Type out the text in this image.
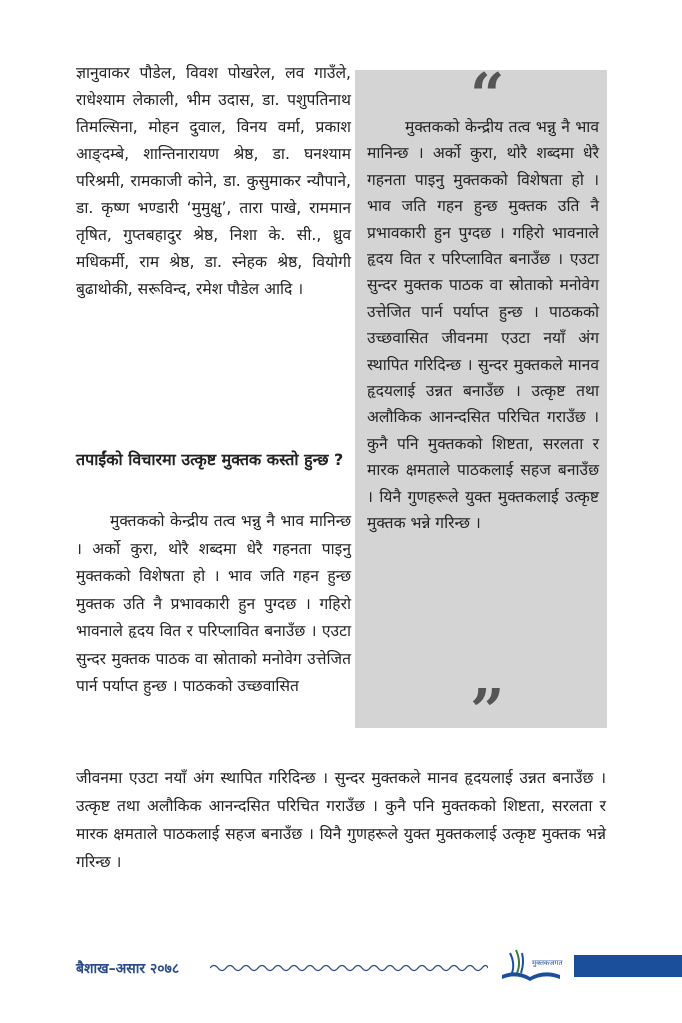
ज्ञानुवाकर पौडेल, विवश पोखरेल, लव गाउँले, राधेश्याम लेकाली, भीम उदास, डा. पशुपतिनाथ तिमल्सिना, मोहन दुवाल, विनय वर्मा, प्रकाश आङ्दम्बे, शान्तिनारायण श्रेष्ठ, डा. घनश्याम परिश्रमी, रामकाजी कोने, डा. कुसुमाकर न्यौपाने, डा. कृष्ण भण्डारी ‘मुमुक्षु’, तारा पाखे, राममान तृषित, गुप्तबहादुर श्रेष्ठ, निशा के. सी., ध्रुव मधिकर्मी, राम श्रेष्ठ, डा. स्नेहक श्रेष्ठ, वियोगी बुढाथोकी, सरूविन्द, रमेश पौडेल आदि ।

तपाईंको विचारमा उत्कृष्ट मुक्तक कस्तो हुन्छ ?

मुक्तकको केन्द्रीय तत्व भन्नु नै भाव मानिन्छ । अर्को कुरा, थोरै शब्दमा धेरै गहनता पाइनु मुक्तकको विशेषता हो । भाव जति गहन हुन्छ मुक्तक उति नै प्रभावकारी हुन पुग्दछ । गहिरो भावनाले हृदय वित र परिप्लावित बनाउँछ । एउटा सुन्दर मुक्तक पाठक वा स्रोताको मनोवेग उत्तेजित पार्न पर्याप्त हुन्छ । पाठकको उच्छवासित

जीवनमा एउटा नयाँ अंग स्थापित गरिदिन्छ । सुन्दर मुक्तकले मानव हृदयलाई उन्नत बनाउँछ । उत्कृष्ट तथा अलौकिक आनन्दसित परिचित गराउँछ । कुनै पनि मुक्तकको शिष्टता, सरलता र मारक क्षमताले पाठकलाई सहज बनाउँछ । यिनै गुणहरूले युक्त मुक्तकलाई उत्कृष्ट मुक्तक भन्ने गरिन्छ ।

“

मुक्तकको केन्द्रीय तत्व भन्नु नै भाव मानिन्छ । अर्को कुरा, थोरै शब्दमा धेरै गहनता पाइनु मुक्तकको विशेषता हो । भाव जति गहन हुन्छ मुक्तक उति नै प्रभावकारी हुन पुग्दछ । गहिरो भावनाले हृदय वित र परिप्लावित बनाउँछ । एउटा सुन्दर मुक्तक पाठक वा स्रोताको मनोवेग उत्तेजित पार्न पर्याप्त हुन्छ । पाठकको उच्छवासित जीवनमा एउटा नयाँ अंग स्थापित गरिदिन्छ । सुन्दर मुक्तकले मानव हृदयलाई उन्नत बनाउँछ । उत्कृष्ट तथा अलौकिक आनन्दसित परिचित गराउँछ । कुनै पनि मुक्तकको शिष्टता, सरलता र मारक क्षमताले पाठकलाई सहज बनाउँछ । यिनै गुणहरूले युक्त मुक्तकलाई उत्कृष्ट मुक्तक भन्ने गरिन्छ ।

”
बैशाख–असार २०७८	मुक्तकजगत
